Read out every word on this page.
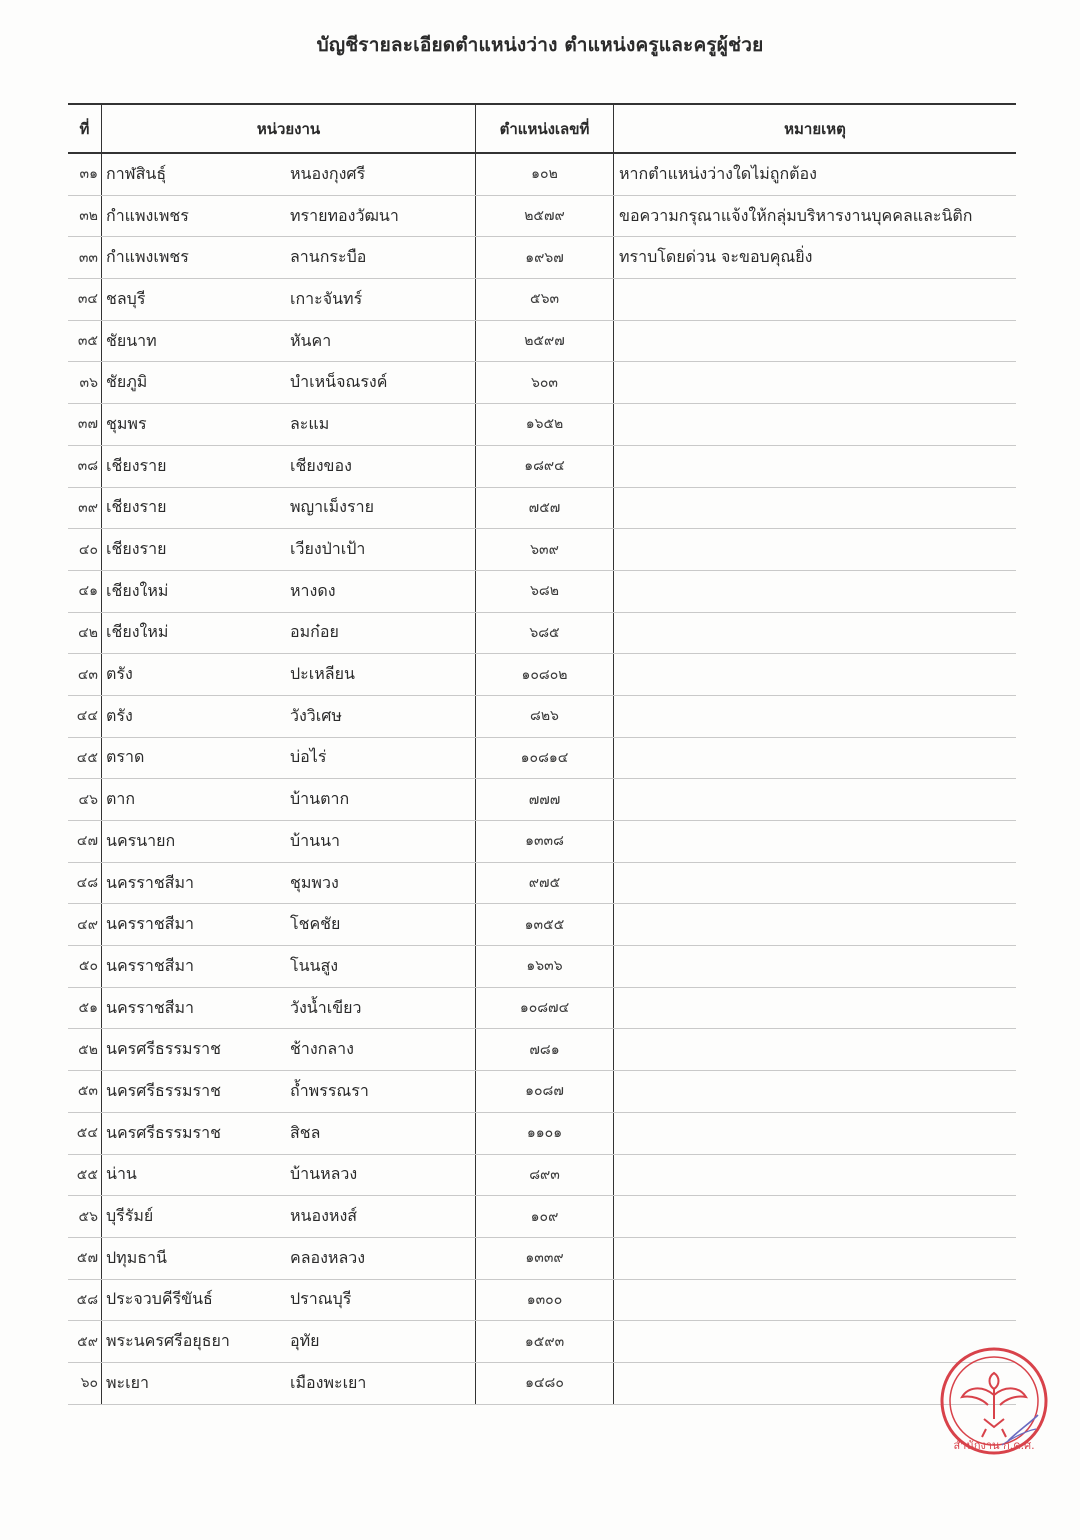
บัญชีรายละเอียดตำแหน่งว่าง ตำแหน่งครูและครูผู้ช่วย
ที่	หน่วยงาน	ตำแหน่งเลขที่	หมายเหตุ
๓๑ กาฬสินธุ์	หนองกุงศรี	๑๐๒	หากตำแหน่งว่างใดไม่ถูกต้อง
๓๒ กำแพงเพชร	ทรายทองวัฒนา	๒๕๗๙	ขอความกรุณาแจ้งให้กลุ่มบริหารงานบุคคลและนิติก
๓๓ กำแพงเพชร	ลานกระบือ	๑๙๖๗	ทราบโดยด่วน จะขอบคุณยิ่ง
๓๔ ชลบุรี	เกาะจันทร์	๕๖๓
๓๕ ชัยนาท	หันคา	๒๕๙๗
๓๖ ชัยภูมิ	บำเหน็จณรงค์	๖๐๓
๓๗ ชุมพร	ละแม	๑๖๕๒
๓๘ เชียงราย	เชียงของ	๑๘๙๔
๓๙ เชียงราย	พญาเม็งราย	๗๕๗
๔๐ เชียงราย	เวียงป่าเป้า	๖๓๙
๔๑ เชียงใหม่	หางดง	๖๘๒
๔๒ เชียงใหม่	อมก๋อย	๖๘๕
๔๓ ตรัง	ปะเหลียน	๑๐๘๐๒
๔๔ ตรัง	วังวิเศษ	๘๒๖
๔๕ ตราด	บ่อไร่	๑๐๘๑๔
๔๖ ตาก	บ้านตาก	๗๗๗
๔๗ นครนายก	บ้านนา	๑๓๓๘
๔๘ นครราชสีมา	ชุมพวง	๙๗๕
๔๙ นครราชสีมา	โชคชัย	๑๓๕๕
๕๐ นครราชสีมา	โนนสูง	๑๖๓๖
๕๑ นครราชสีมา	วังน้ำเขียว	๑๐๘๗๔
๕๒ นครศรีธรรมราช	ช้างกลาง	๗๘๑
๕๓ นครศรีธรรมราช	ถ้ำพรรณรา	๑๐๘๗
๕๔ นครศรีธรรมราช	สิชล	๑๑๐๑
๕๕ น่าน	บ้านหลวง	๘๙๓
๕๖ บุรีรัมย์	หนองหงส์	๑๐๙
๕๗ ปทุมธานี	คลองหลวง	๑๓๓๙
๕๘ ประจวบคีรีขันธ์	ปราณบุรี	๑๓๐๐
๕๙ พระนครศรีอยุธยา	อุทัย	๑๕๙๓
๖๐ พะเยา	เมืองพะเยา	๑๔๘๐
สำนักงาน ก.ค.ศ.
